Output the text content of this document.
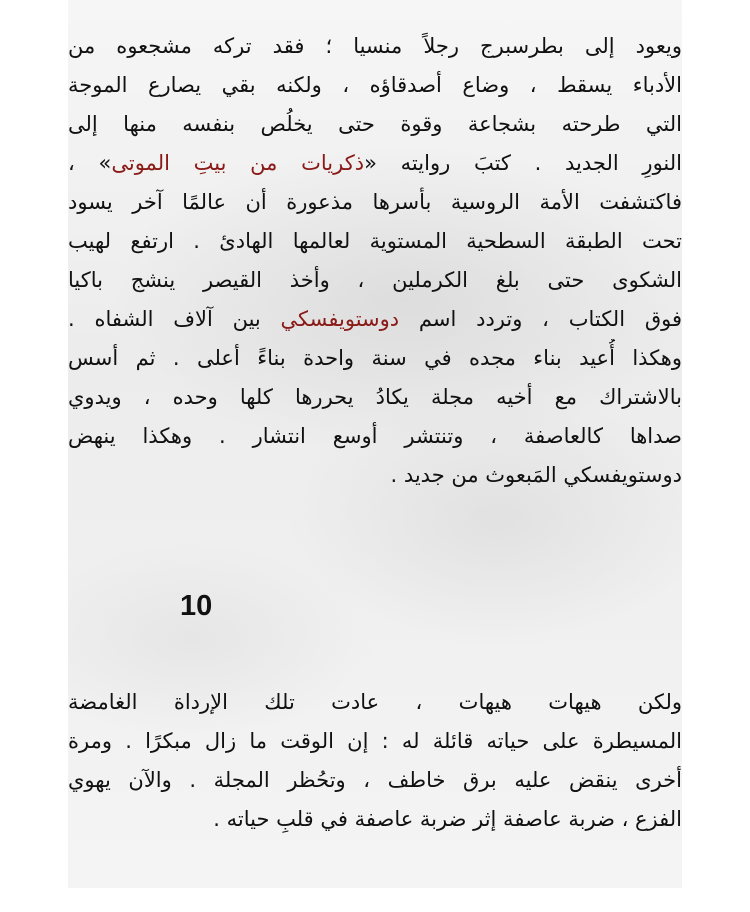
ويعود إلى بطرسبرج رجلاً منسيا ؛ فقد تركه مشجعوه من
الأدباء يسقط ، وضاع أصدقاؤه ، ولكنه بقي يصارع الموجة
التي طرحته بشجاعة وقوة حتى يخلُص بنفسه منها إلى
النورِ الجديد . كتبَ روايته «ذكريات من بيتِ الموتى» ،
فاكتشفت الأمة الروسية بأسرها مذعورة أن عالمًا آخر يسود
تحت الطبقة السطحية المستوية لعالمها الهادئ . ارتفع لهيب
الشكوى حتى بلغ الكرملين ، وأخذ القيصر ينشج باكيا
فوق الكتاب ، وتردد اسم دوستويفسكي بين آلاف الشفاه .
وهكذا أُعيد بناء مجده في سنة واحدة بناءً أعلى . ثم أسس
بالاشتراك مع أخيه مجلة يكادُ يحررها كلها وحده ، ويدوي
صداها كالعاصفة ، وتنتشر أوسع انتشار . وهكذا ينهض
دوستويفسكي المَبعوث من جديد .
10
ولكن هيهات هيهات ، عادت تلك الإرداة الغامضة
المسيطرة على حياته قائلة له : إن الوقت ما زال مبكرًا . ومرة
أخرى ينقض عليه برق خاطف ، وتحُظر المجلة . والآن يهوي
الفزع ، ضربة عاصفة إثر ضربة عاصفة في قلبِ حياته .
